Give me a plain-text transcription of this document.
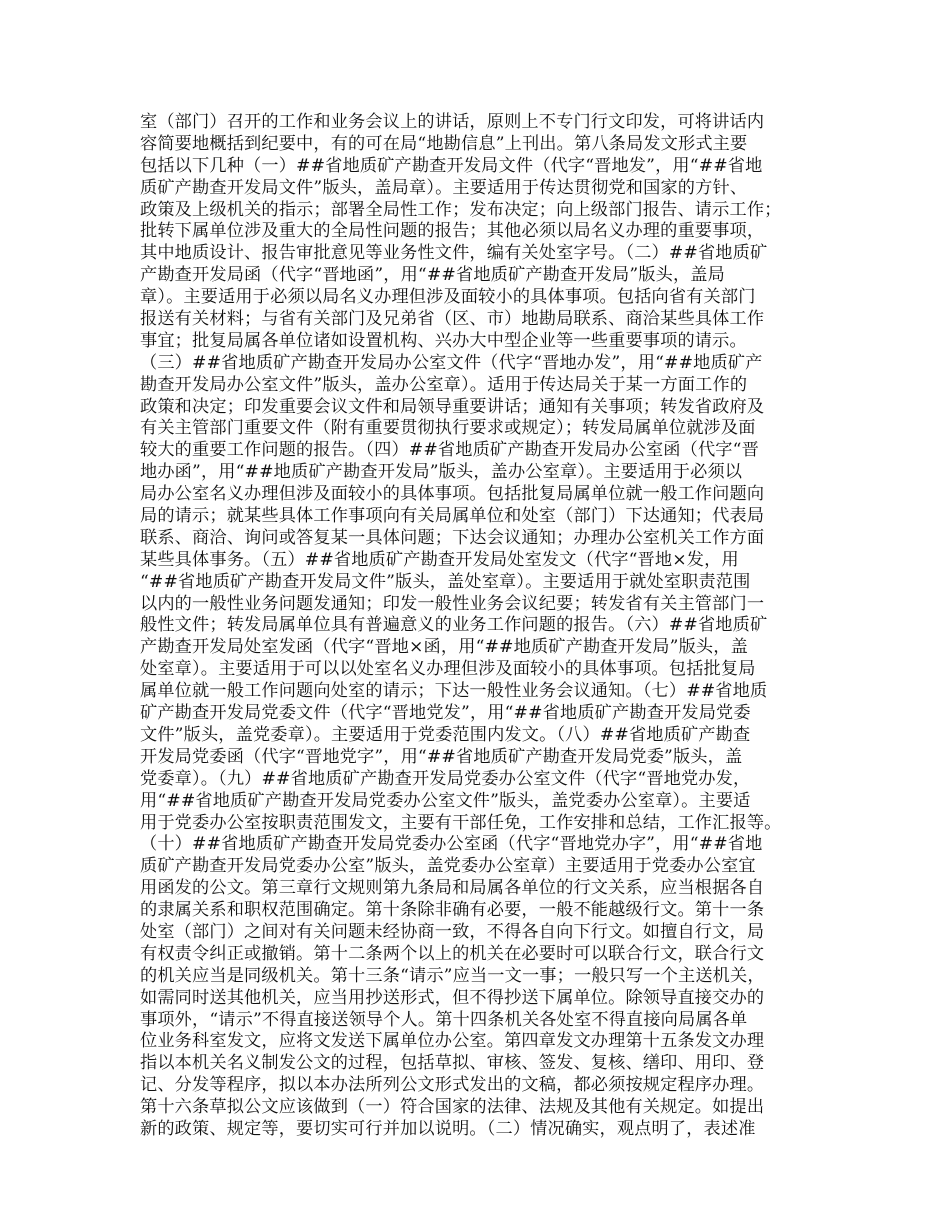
室（部门）召开的工作和业务会议上的讲话，原则上不专门行文印发，可将讲话内
容简要地概括到纪要中，有的可在局“地勘信息”上刊出。第八条局发文形式主要
包括以下几种（一）##省地质矿产勘查开发局文件（代字“晋地发”，用“##省地
质矿产勘查开发局文件”版头，盖局章）。主要适用于传达贯彻党和国家的方针、
政策及上级机关的指示；部署全局性工作；发布决定；向上级部门报告、请示工作；
批转下属单位涉及重大的全局性问题的报告；其他必须以局名义办理的重要事项，
其中地质设计、报告审批意见等业务性文件，编有关处室字号。（二）##省地质矿
产勘查开发局函（代字“晋地函”，用“##省地质矿产勘查开发局”版头，盖局
章）。主要适用于必须以局名义办理但涉及面较小的具体事项。包括向省有关部门
报送有关材料；与省有关部门及兄弟省（区、市）地勘局联系、商洽某些具体工作
事宜；批复局属各单位诸如设置机构、兴办大中型企业等一些重要事项的请示。
（三）##省地质矿产勘查开发局办公室文件（代字“晋地办发”，用“##地质矿产
勘查开发局办公室文件”版头，盖办公室章）。适用于传达局关于某一方面工作的
政策和决定；印发重要会议文件和局领导重要讲话；通知有关事项；转发省政府及
有关主管部门重要文件（附有重要贯彻执行要求或规定）；转发局属单位就涉及面
较大的重要工作问题的报告。（四）##省地质矿产勘查开发局办公室函（代字“晋
地办函”，用“##地质矿产勘查开发局”版头，盖办公室章）。主要适用于必须以
局办公室名义办理但涉及面较小的具体事项。包括批复局属单位就一般工作问题向
局的请示；就某些具体工作事项向有关局属单位和处室（部门）下达通知；代表局
联系、商洽、询问或答复某一具体问题；下达会议通知；办理办公室机关工作方面
某些具体事务。（五）##省地质矿产勘查开发局处室发文（代字“晋地×发，用
“##省地质矿产勘查开发局文件”版头，盖处室章）。主要适用于就处室职责范围
以内的一般性业务问题发通知；印发一般性业务会议纪要；转发省有关主管部门一
般性文件；转发局属单位具有普遍意义的业务工作问题的报告。（六）##省地质矿
产勘查开发局处室发函（代字“晋地×函，用“##地质矿产勘查开发局”版头，盖
处室章）。主要适用于可以以处室名义办理但涉及面较小的具体事项。包括批复局
属单位就一般工作问题向处室的请示；下达一般性业务会议通知。（七）##省地质
矿产勘查开发局党委文件（代字“晋地党发”，用“##省地质矿产勘查开发局党委
文件”版头，盖党委章）。主要适用于党委范围内发文。（八）##省地质矿产勘查
开发局党委函（代字“晋地党字”，用“##省地质矿产勘查开发局党委”版头，盖
党委章）。（九）##省地质矿产勘查开发局党委办公室文件（代字“晋地党办发，
用“##省地质矿产勘查开发局党委办公室文件”版头，盖党委办公室章）。主要适
用于党委办公室按职责范围发文，主要有干部任免，工作安排和总结，工作汇报等。
（十）##省地质矿产勘查开发局党委办公室函（代字“晋地党办字”，用“##省地
质矿产勘查开发局党委办公室”版头，盖党委办公室章）主要适用于党委办公室宜
用函发的公文。第三章行文规则第九条局和局属各单位的行文关系，应当根据各自
的隶属关系和职权范围确定。第十条除非确有必要，一般不能越级行文。第十一条
处室（部门）之间对有关问题未经协商一致，不得各自向下行文。如擅自行文，局
有权责令纠正或撤销。第十二条两个以上的机关在必要时可以联合行文，联合行文
的机关应当是同级机关。第十三条“请示”应当一文一事；一般只写一个主送机关，
如需同时送其他机关，应当用抄送形式，但不得抄送下属单位。除领导直接交办的
事项外，“请示”不得直接送领导个人。第十四条机关各处室不得直接向局属各单
位业务科室发文，应将文发送下属单位办公室。第四章发文办理第十五条发文办理
指以本机关名义制发公文的过程，包括草拟、审核、签发、复核、缮印、用印、登
记、分发等程序，拟以本办法所列公文形式发出的文稿，都必须按规定程序办理。
第十六条草拟公文应该做到（一）符合国家的法律、法规及其他有关规定。如提出
新的政策、规定等，要切实可行并加以说明。（二）情况确实，观点明了，表述准
